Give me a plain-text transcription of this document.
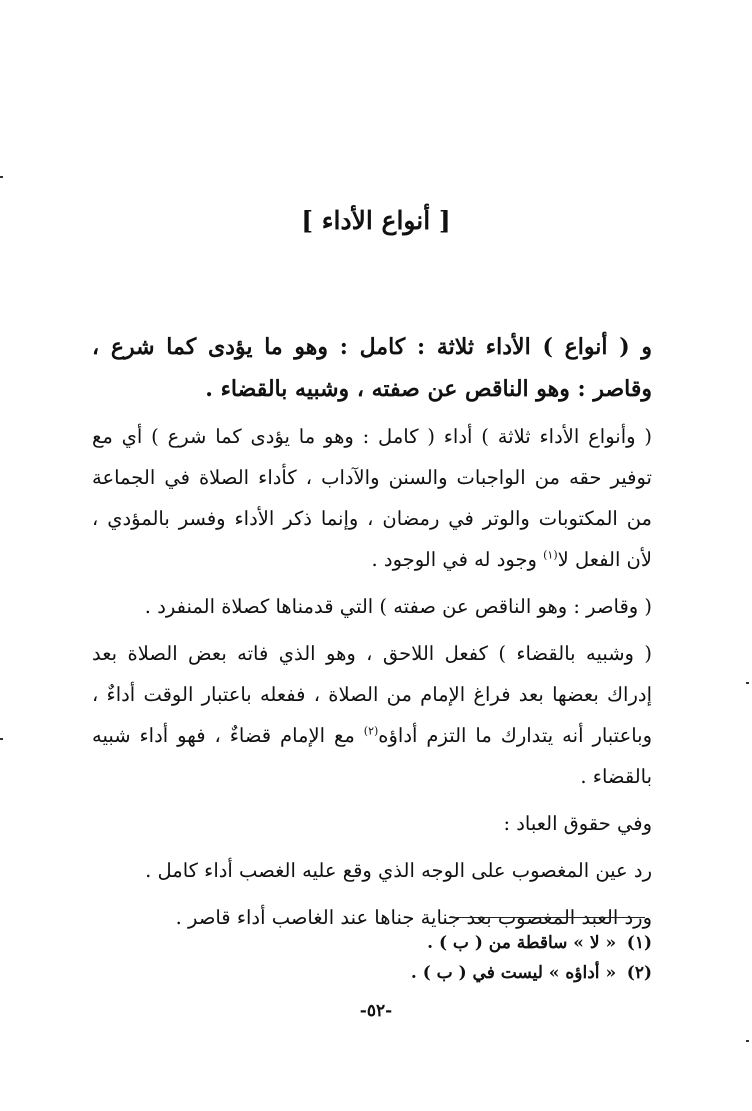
[ أنواع الأداء ]
و ( أنواع ) الأداء ثلاثة : كامل : وهو ما يؤدى كما شرع ، وقاصر : وهو الناقص عن صفته ، وشبيه بالقضاء .

( وأنواع الأداء ثلاثة ) أداء ( كامل : وهو ما يؤدى كما شرع ) أي مع توفير حقه من الواجبات والسنن والآداب ، كأداء الصلاة في الجماعة من المكتوبات والوتر في رمضان ، وإنما ذكر الأداء وفسر بالمؤدي ، لأن الفعل لا$^{(١)}$ وجود له في الوجود .

( وقاصر : وهو الناقص عن صفته ) التي قدمناها كصلاة المنفرد .

( وشبيه بالقضاء ) كفعل اللاحق ، وهو الذي فاته بعض الصلاة بعد إدراك بعضها بعد فراغ الإمام من الصلاة ، ففعله باعتبار الوقت أداءٌ ، وباعتبار أنه يتدارك ما التزم أداؤه$^{(٢)}$ مع الإمام قضاءٌ ، فهو أداء شبيه بالقضاء .

وفي حقوق العباد :

رد عين المغصوب على الوجه الذي وقع عليه الغصب أداء كامل .

ورد العبد المغصوب بعد جناية جناها عند الغاصب أداء قاصر .

(١) « لا » ساقطة من ( ب ) .
(٢) « أداؤه » ليست في ( ب ) .
-٥٢-
